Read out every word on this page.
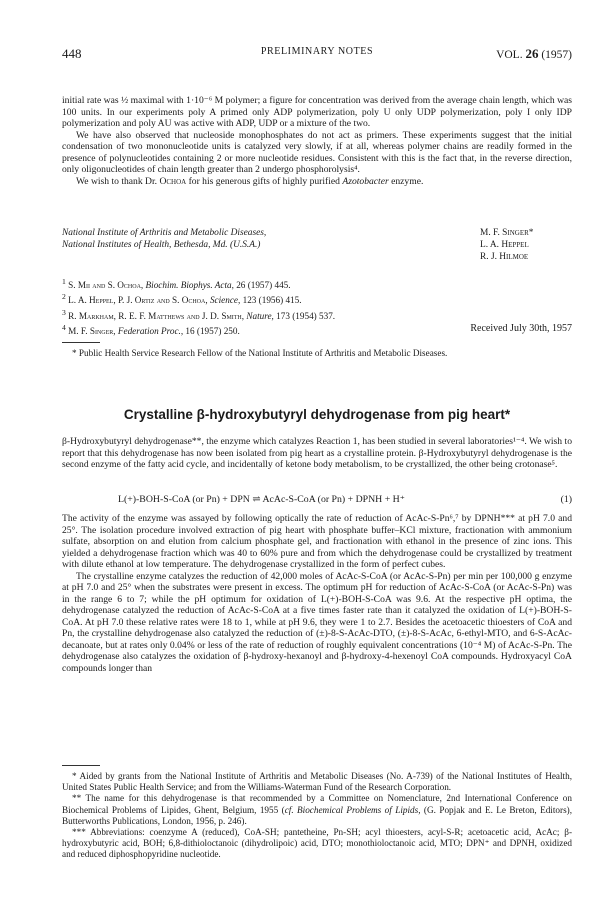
448	PRELIMINARY NOTES	VOL. 26 (1957)

initial rate was ½ maximal with 1·10⁻⁶ M polymer; a figure for concentration was derived from the average chain length, which was 100 units. In our experiments poly A primed only ADP polymerization, poly U only UDP polymerization, poly I only IDP polymerization and poly AU was active with ADP, UDP or a mixture of the two.

We have also observed that nucleoside monophosphates do not act as primers. These experiments suggest that the initial condensation of two mononucleotide units is catalyzed very slowly, if at all, whereas polymer chains are readily formed in the presence of polynucleotides containing 2 or more nucleotide residues. Consistent with this is the fact that, in the reverse direction, only oligonucleotides of chain length greater than 2 undergo phosphorolysis⁴.

We wish to thank Dr. Ochoa for his generous gifts of highly purified Azotobacter enzyme.

National Institute of Arthritis and Metabolic Diseases,
National Institutes of Health, Bethesda, Md. (U.S.A.)
M. F. Singer*
L. A. Heppel
R. J. Hilmoe
$^1$ S. Mii and S. Ochoa, Biochim. Biophys. Acta, 26 (1957) 445.
$^2$ L. A. Heppel, P. J. Ortiz and S. Ochoa, Science, 123 (1956) 415.
$^3$ R. Markham, R. E. F. Matthews and J. D. Smith, Nature, 173 (1954) 537.
$^4$ M. F. Singer, Federation Proc., 16 (1957) 250.	Received July 30th, 1957

* Public Health Service Research Fellow of the National Institute of Arthritis and Metabolic Diseases.

Crystalline β-hydroxybutyryl dehydrogenase from pig heart*

β-Hydroxybutyryl dehydrogenase**, the enzyme which catalyzes Reaction 1, has been studied in several laboratories¹⁻⁴. We wish to report that this dehydrogenase has now been isolated from pig heart as a crystalline protein. β-Hydroxybutyryl dehydrogenase is the second enzyme of the fatty acid cycle, and incidentally of ketone body metabolism, to be crystallized, the other being crotonase⁵.

L(+)-BOH-S-CoA (or Pn) + DPN ⇌ AcAc-S-CoA (or Pn) + DPNH + H⁺	(1)

The activity of the enzyme was assayed by following optically the rate of reduction of AcAc-S-Pn⁶,⁷ by DPNH*** at pH 7.0 and 25°. The isolation procedure involved extraction of pig heart with phosphate buffer–KCl mixture, fractionation with ammonium sulfate, absorption on and elution from calcium phosphate gel, and fractionation with ethanol in the presence of zinc ions. This yielded a dehydrogenase fraction which was 40 to 60% pure and from which the dehydrogenase could be crystallized by treatment with dilute ethanol at low temperature. The dehydrogenase crystallized in the form of perfect cubes.

The crystalline enzyme catalyzes the reduction of 42,000 moles of AcAc-S-CoA (or AcAc-S-Pn) per min per 100,000 g enzyme at pH 7.0 and 25° when the substrates were present in excess. The optimum pH for reduction of AcAc-S-CoA (or AcAc-S-Pn) was in the range 6 to 7; while the pH optimum for oxidation of L(+)-BOH-S-CoA was 9.6. At the respective pH optima, the dehydrogenase catalyzed the reduction of AcAc-S-CoA at a five times faster rate than it catalyzed the oxidation of L(+)-BOH-S-CoA. At pH 7.0 these relative rates were 18 to 1, while at pH 9.6, they were 1 to 2.7. Besides the acetoacetic thioesters of CoA and Pn, the crystalline dehydrogenase also catalyzed the reduction of (±)-8-S-AcAc-DTO, (±)-8-S-AcAc, 6-ethyl-MTO, and 6-S-AcAc-decanoate, but at rates only 0.04% or less of the rate of reduction of roughly equivalent concentrations (10⁻⁴ M) of AcAc-S-Pn. The dehydrogenase also catalyzes the oxidation of β-hydroxy-hexanoyl and β-hydroxy-4-hexenoyl CoA compounds. Hydroxyacyl CoA compounds longer than

* Aided by grants from the National Institute of Arthritis and Metabolic Diseases (No. A-739) of the National Institutes of Health, United States Public Health Service; and from the Williams-Waterman Fund of the Research Corporation.

** The name for this dehydrogenase is that recommended by a Committee on Nomenclature, 2nd International Conference on Biochemical Problems of Lipides, Ghent, Belgium, 1955 (cf. Biochemical Problems of Lipids, (G. Popjak and E. Le Breton, Editors), Butterworths Publications, London, 1956, p. 246).

*** Abbreviations: coenzyme A (reduced), CoA-SH; pantetheine, Pn-SH; acyl thioesters, acyl-S-R; acetoacetic acid, AcAc; β-hydroxybutyric acid, BOH; 6,8-dithioloctanoic (dihydrolipoic) acid, DTO; monothioloctanoic acid, MTO; DPN⁺ and DPNH, oxidized and reduced diphosphopyridine nucleotide.
